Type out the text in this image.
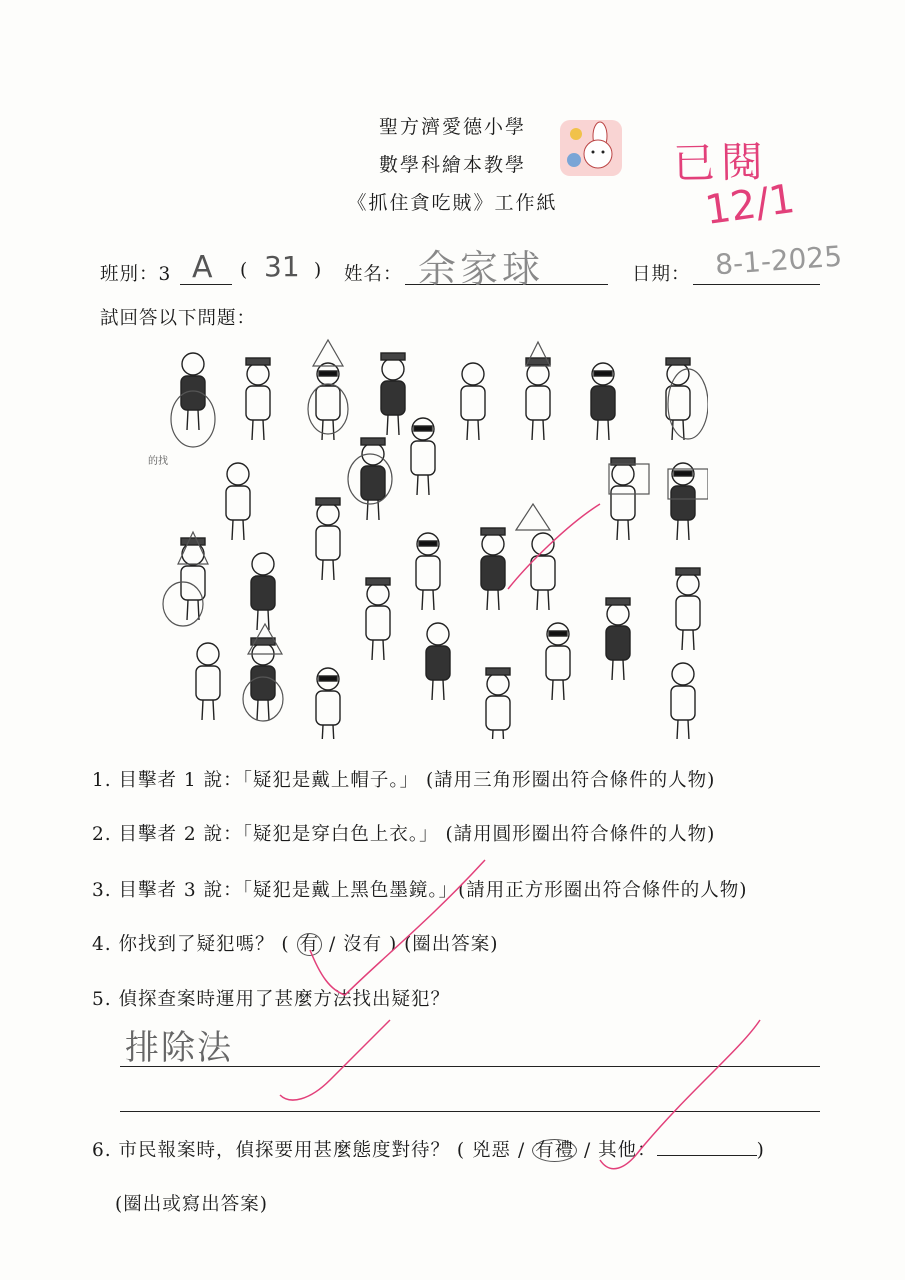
聖方濟愛德小學
數學科繪本教學
《抓住貪吃賊》工作紙
已閱
12/1
班別：3 A ( 31 ) 姓名： 余家球	日期： 8-1-2025
試回答以下問題：
的找
1. 目擊者 1 說：「疑犯是戴上帽子。」 (請用三角形圈出符合條件的人物)
2. 目擊者 2 說：「疑犯是穿白色上衣。」 (請用圓形圈出符合條件的人物)
3. 目擊者 3 說：「疑犯是戴上黑色墨鏡。」(請用正方形圈出符合條件的人物)
4. 你找到了疑犯嗎？ ( 有 / 沒有 ) (圈出答案)
5. 偵探查案時運用了甚麼方法找出疑犯？
排除法
6. 市民報案時，偵探要用甚麼態度對待？ ( 兇惡 / 有禮 / 其他：	)
(圈出或寫出答案)
